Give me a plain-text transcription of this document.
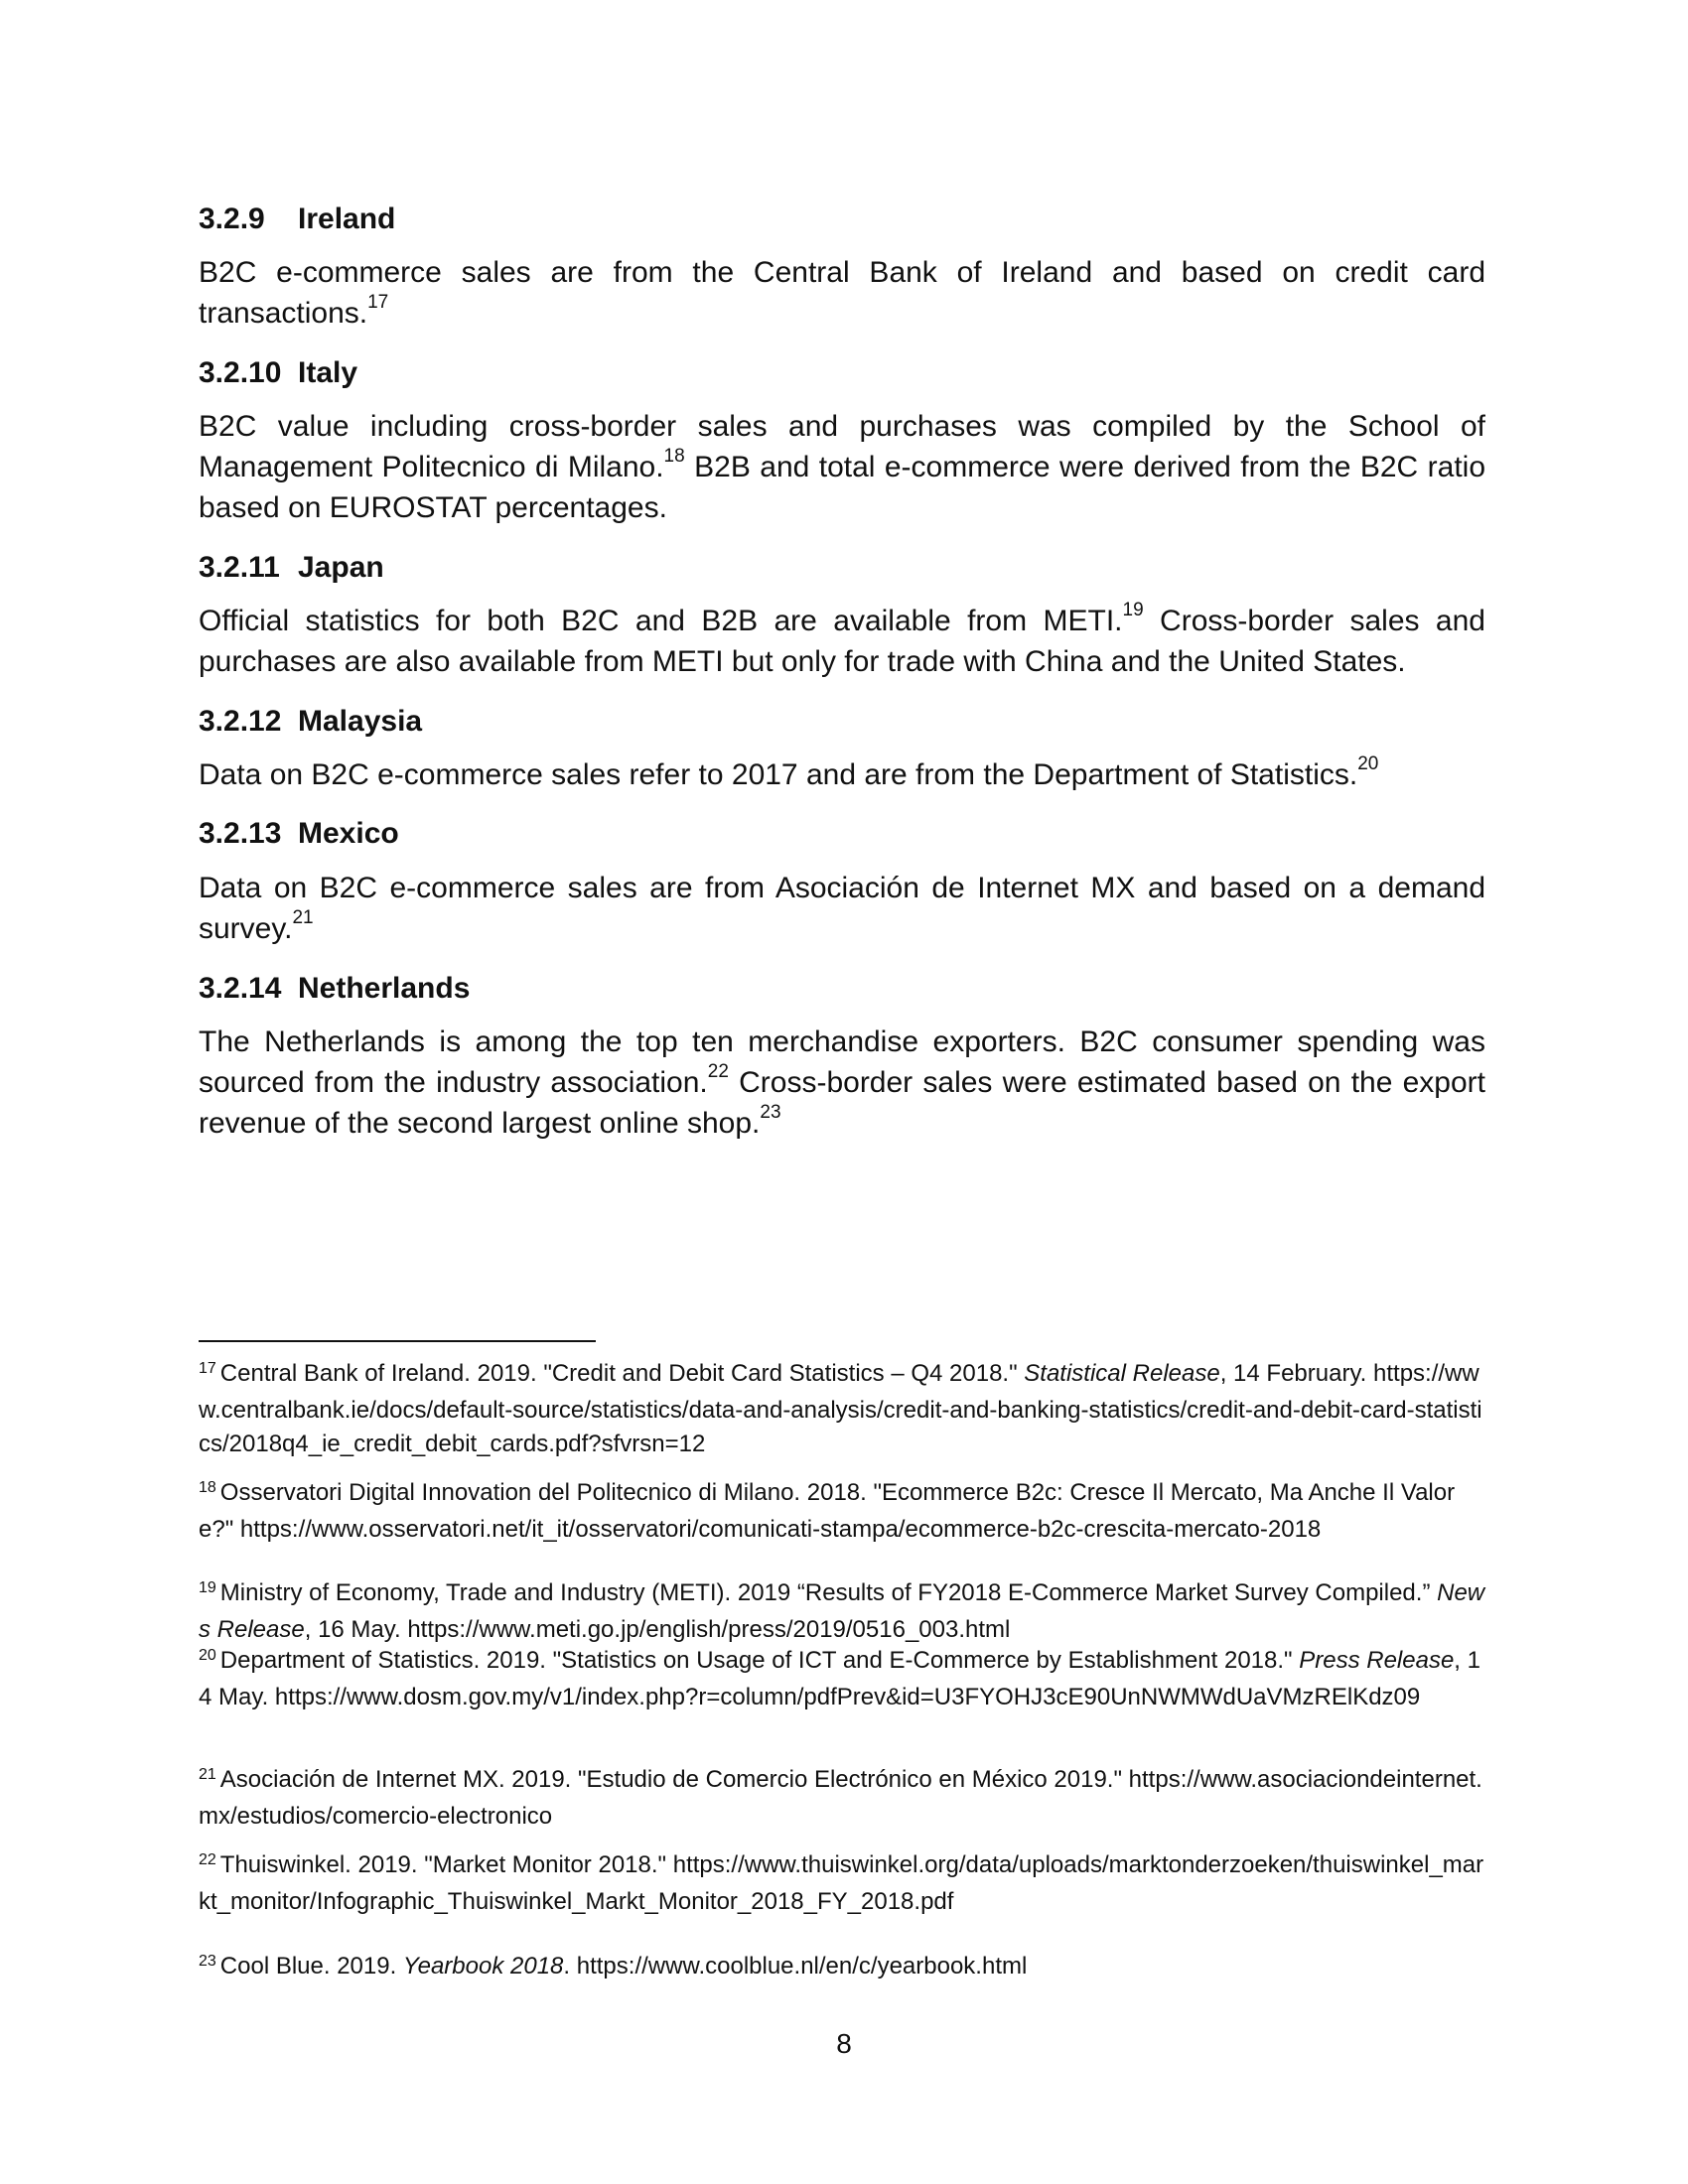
3.2.9 Ireland

B2C e-commerce sales are from the Central Bank of Ireland and based on credit card transactions.$^{17}$

3.2.10 Italy

B2C value including cross-border sales and purchases was compiled by the School of Management Politecnico di Milano.$^{18}$ B2B and total e-commerce were derived from the B2C ratio based on EUROSTAT percentages.

3.2.11 Japan

Official statistics for both B2C and B2B are available from METI.$^{19}$ Cross-border sales and purchases are also available from METI but only for trade with China and the United States.

3.2.12 Malaysia

Data on B2C e-commerce sales refer to 2017 and are from the Department of Statistics.$^{20}$

3.2.13 Mexico

Data on B2C e-commerce sales are from Asociación de Internet MX and based on a demand survey.$^{21}$

3.2.14 Netherlands

The Netherlands is among the top ten merchandise exporters. B2C consumer spending was sourced from the industry association.$^{22}$ Cross-border sales were estimated based on the export revenue of the second largest online shop.$^{23}$

$^{17}$ Central Bank of Ireland. 2019. "Credit and Debit Card Statistics – Q4 2018." Statistical Release, 14 February. https://www.centralbank.ie/docs/default-source/statistics/data-and-analysis/credit-and-banking-statistics/credit-and-debit-card-statistics/2018q4_ie_credit_debit_cards.pdf?sfvrsn=12

$^{18}$ Osservatori Digital Innovation del Politecnico di Milano. 2018. "Ecommerce B2c: Cresce Il Mercato, Ma Anche Il Valore?" https://www.osservatori.net/it_it/osservatori/comunicati-stampa/ecommerce-b2c-crescita-mercato-2018

$^{19}$ Ministry of Economy, Trade and Industry (METI). 2019 “Results of FY2018 E-Commerce Market Survey Compiled.” News Release, 16 May. https://www.meti.go.jp/english/press/2019/0516_003.html

$^{20}$ Department of Statistics. 2019. "Statistics on Usage of ICT and E-Commerce by Establishment 2018." Press Release, 14 May. https://www.dosm.gov.my/v1/index.php?r=column/pdfPrev&id=U3FYOHJ3cE90UnNWMWdUaVMzRElKdz09

$^{21}$ Asociación de Internet MX. 2019. "Estudio de Comercio Electrónico en México 2019." https://www.asociaciondeinternet.mx/estudios/comercio-electronico

$^{22}$ Thuiswinkel. 2019. "Market Monitor 2018." https://www.thuiswinkel.org/data/uploads/marktonderzoeken/thuiswinkel_markt_monitor/Infographic_Thuiswinkel_Markt_Monitor_2018_FY_2018.pdf

$^{23}$ Cool Blue. 2019. Yearbook 2018. https://www.coolblue.nl/en/c/yearbook.html

8
